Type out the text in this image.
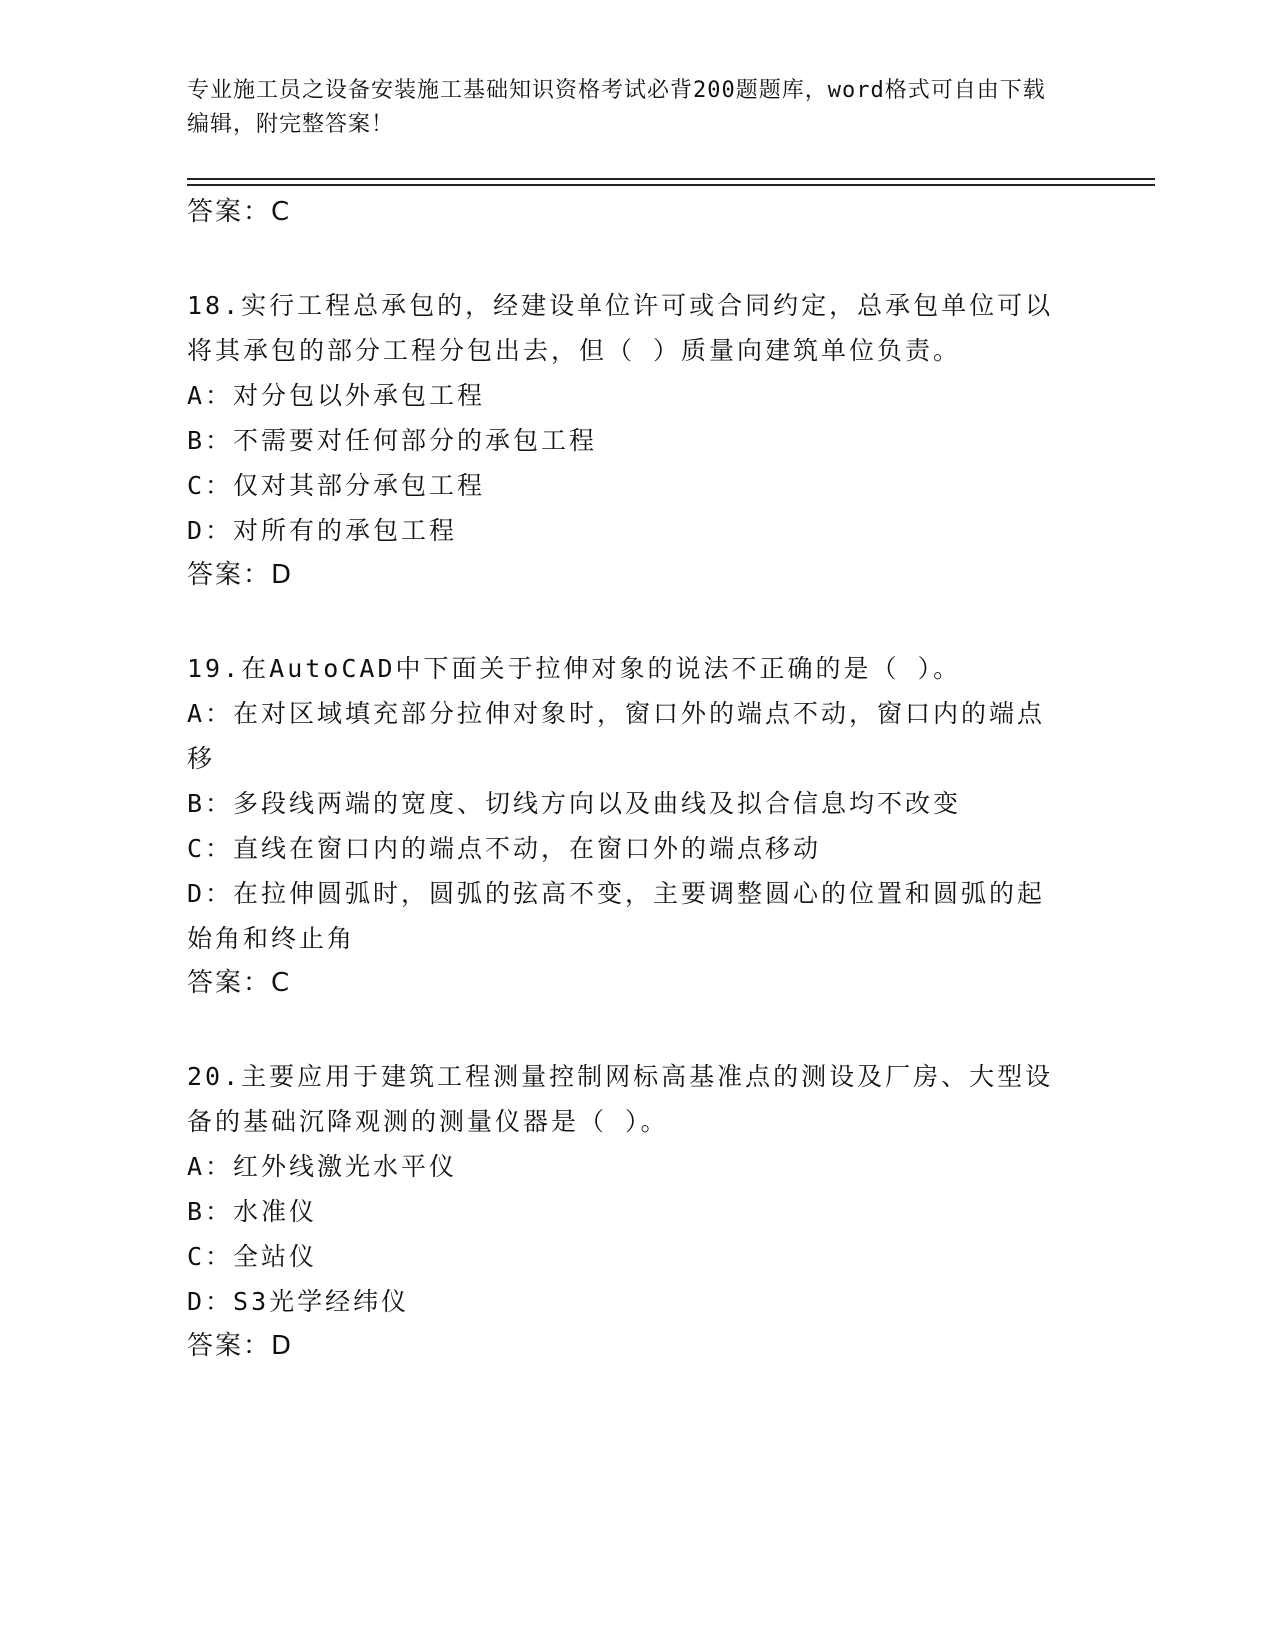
专业施工员之设备安装施工基础知识资格考试必背200题题库，word格式可自由下载编辑，附完整答案！

答案：C

18.实行工程总承包的，经建设单位许可或合同约定，总承包单位可以

将其承包的部分工程分包出去，但（ ）质量向建筑单位负责。

A：对分包以外承包工程

B：不需要对任何部分的承包工程

C：仅对其部分承包工程

D：对所有的承包工程

答案：D

19.在AutoCAD中下面关于拉伸对象的说法不正确的是（ ）。

A：在对区域填充部分拉伸对象时，窗口外的端点不动，窗口内的端点

移

B：多段线两端的宽度、切线方向以及曲线及拟合信息均不改变

C：直线在窗口内的端点不动，在窗口外的端点移动

D：在拉伸圆弧时，圆弧的弦高不变，主要调整圆心的位置和圆弧的起

始角和终止角

答案：C

20.主要应用于建筑工程测量控制网标高基准点的测设及厂房、大型设

备的基础沉降观测的测量仪器是（ ）。

A：红外线激光水平仪

B：水准仪

C：全站仪

D：S3光学经纬仪

答案：D
